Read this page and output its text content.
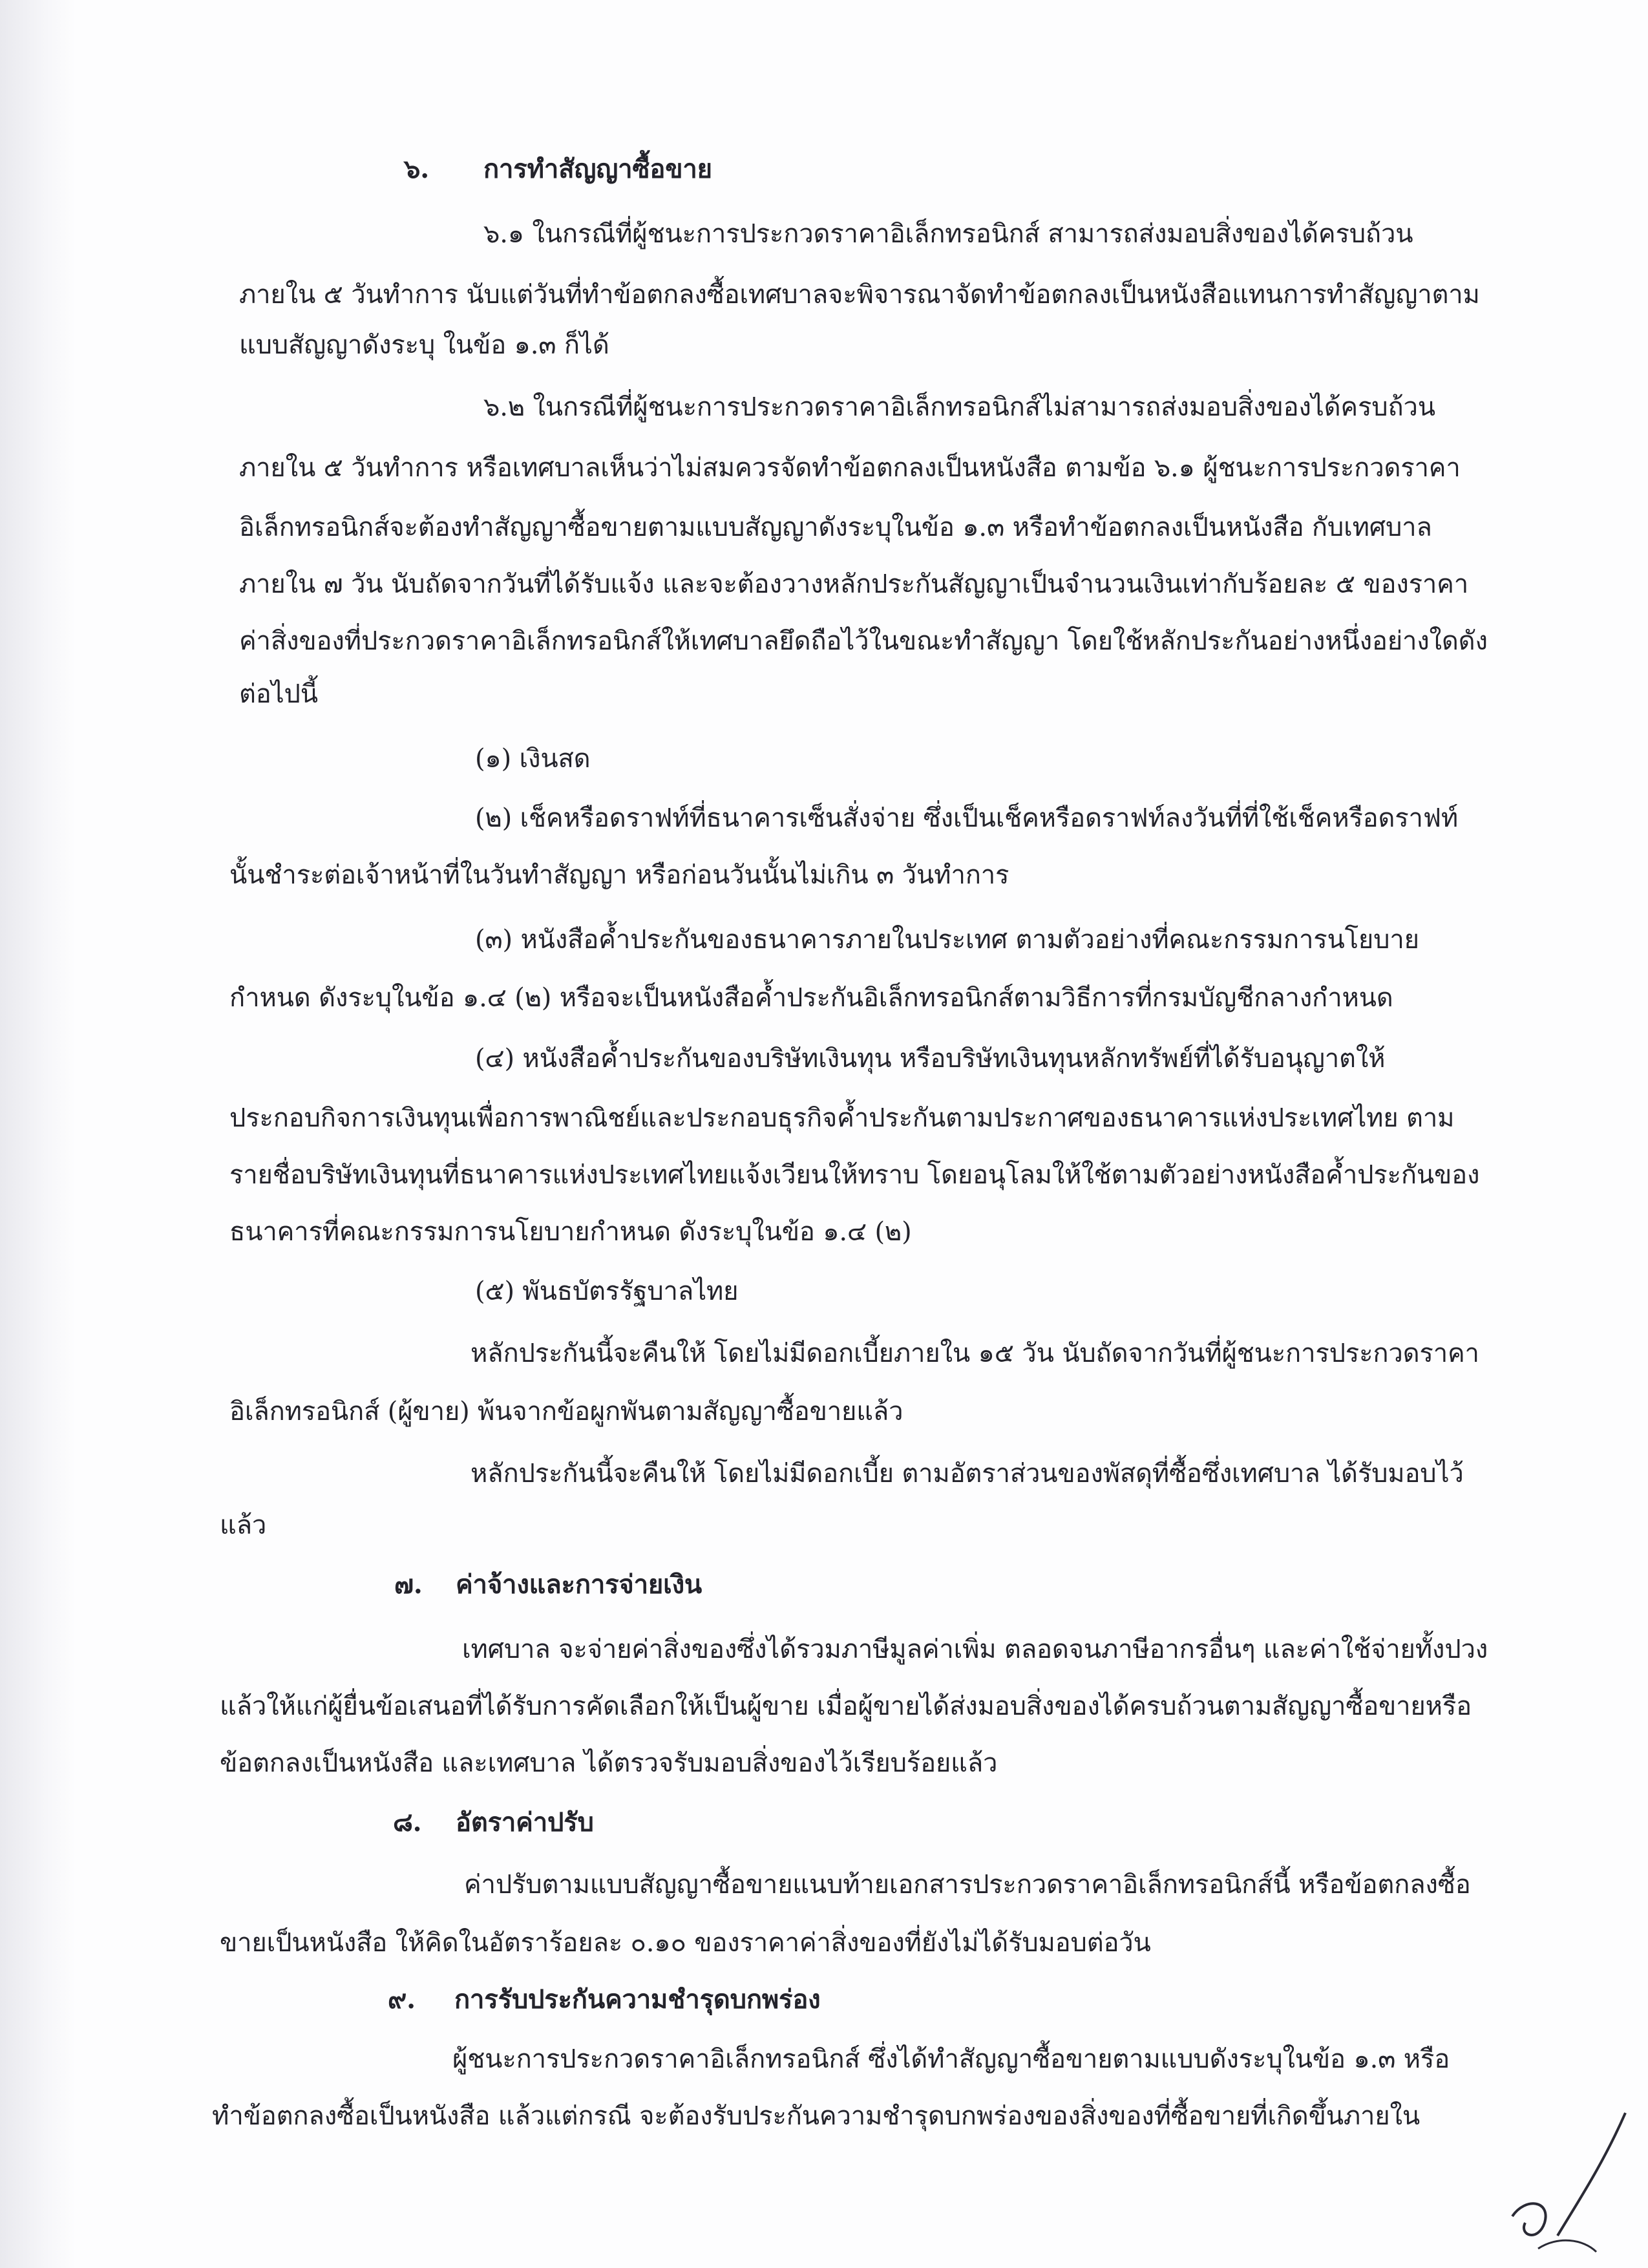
๖. การทำสัญญาซื้อขาย
๖.๑ ในกรณีที่ผู้ชนะการประกวดราคาอิเล็กทรอนิกส์ สามารถส่งมอบสิ่งของได้ครบถ้วน
ภายใน ๕ วันทำการ นับแต่วันที่ทำข้อตกลงซื้อเทศบาลจะพิจารณาจัดทำข้อตกลงเป็นหนังสือแทนการทำสัญญาตาม
แบบสัญญาดังระบุ ในข้อ ๑.๓ ก็ได้
๖.๒ ในกรณีที่ผู้ชนะการประกวดราคาอิเล็กทรอนิกส์ไม่สามารถส่งมอบสิ่งของได้ครบถ้วน
ภายใน ๕ วันทำการ หรือเทศบาลเห็นว่าไม่สมควรจัดทำข้อตกลงเป็นหนังสือ ตามข้อ ๖.๑ ผู้ชนะการประกวดราคา
อิเล็กทรอนิกส์จะต้องทำสัญญาซื้อขายตามแบบสัญญาดังระบุในข้อ ๑.๓ หรือทำข้อตกลงเป็นหนังสือ กับเทศบาล
ภายใน ๗ วัน นับถัดจากวันที่ได้รับแจ้ง และจะต้องวางหลักประกันสัญญาเป็นจำนวนเงินเท่ากับร้อยละ ๕ ของราคา
ค่าสิ่งของที่ประกวดราคาอิเล็กทรอนิกส์ให้เทศบาลยึดถือไว้ในขณะทำสัญญา โดยใช้หลักประกันอย่างหนึ่งอย่างใดดัง
ต่อไปนี้
(๑) เงินสด
(๒) เช็คหรือดราฟท์ที่ธนาคารเซ็นสั่งจ่าย ซึ่งเป็นเช็คหรือดราฟท์ลงวันที่ที่ใช้เช็คหรือดราฟท์
นั้นชำระต่อเจ้าหน้าที่ในวันทำสัญญา หรือก่อนวันนั้นไม่เกิน ๓ วันทำการ
(๓) หนังสือค้ำประกันของธนาคารภายในประเทศ ตามตัวอย่างที่คณะกรรมการนโยบาย
กำหนด ดังระบุในข้อ ๑.๔ (๒) หรือจะเป็นหนังสือค้ำประกันอิเล็กทรอนิกส์ตามวิธีการที่กรมบัญชีกลางกำหนด
(๔) หนังสือค้ำประกันของบริษัทเงินทุน หรือบริษัทเงินทุนหลักทรัพย์ที่ได้รับอนุญาตให้
ประกอบกิจการเงินทุนเพื่อการพาณิชย์และประกอบธุรกิจค้ำประกันตามประกาศของธนาคารแห่งประเทศไทย ตาม
รายชื่อบริษัทเงินทุนที่ธนาคารแห่งประเทศไทยแจ้งเวียนให้ทราบ โดยอนุโลมให้ใช้ตามตัวอย่างหนังสือค้ำประกันของ
ธนาคารที่คณะกรรมการนโยบายกำหนด ดังระบุในข้อ ๑.๔ (๒)
(๕) พันธบัตรรัฐบาลไทย
หลักประกันนี้จะคืนให้ โดยไม่มีดอกเบี้ยภายใน ๑๕ วัน นับถัดจากวันที่ผู้ชนะการประกวดราคา
อิเล็กทรอนิกส์ (ผู้ขาย) พ้นจากข้อผูกพันตามสัญญาซื้อขายแล้ว
หลักประกันนี้จะคืนให้ โดยไม่มีดอกเบี้ย ตามอัตราส่วนของพัสดุที่ซื้อซึ่งเทศบาล ได้รับมอบไว้
แล้ว
๗. ค่าจ้างและการจ่ายเงิน
เทศบาล จะจ่ายค่าสิ่งของซึ่งได้รวมภาษีมูลค่าเพิ่ม ตลอดจนภาษีอากรอื่นๆ และค่าใช้จ่ายทั้งปวง
แล้วให้แก่ผู้ยื่นข้อเสนอที่ได้รับการคัดเลือกให้เป็นผู้ขาย เมื่อผู้ขายได้ส่งมอบสิ่งของได้ครบถ้วนตามสัญญาซื้อขายหรือ
ข้อตกลงเป็นหนังสือ และเทศบาล ได้ตรวจรับมอบสิ่งของไว้เรียบร้อยแล้ว
๘. อัตราค่าปรับ
ค่าปรับตามแบบสัญญาซื้อขายแนบท้ายเอกสารประกวดราคาอิเล็กทรอนิกส์นี้ หรือข้อตกลงซื้อ
ขายเป็นหนังสือ ให้คิดในอัตราร้อยละ ๐.๑๐ ของราคาค่าสิ่งของที่ยังไม่ได้รับมอบต่อวัน
๙. การรับประกันความชำรุดบกพร่อง
ผู้ชนะการประกวดราคาอิเล็กทรอนิกส์ ซึ่งได้ทำสัญญาซื้อขายตามแบบดังระบุในข้อ ๑.๓ หรือ
ทำข้อตกลงซื้อเป็นหนังสือ แล้วแต่กรณี จะต้องรับประกันความชำรุดบกพร่องของสิ่งของที่ซื้อขายที่เกิดขึ้นภายใน
